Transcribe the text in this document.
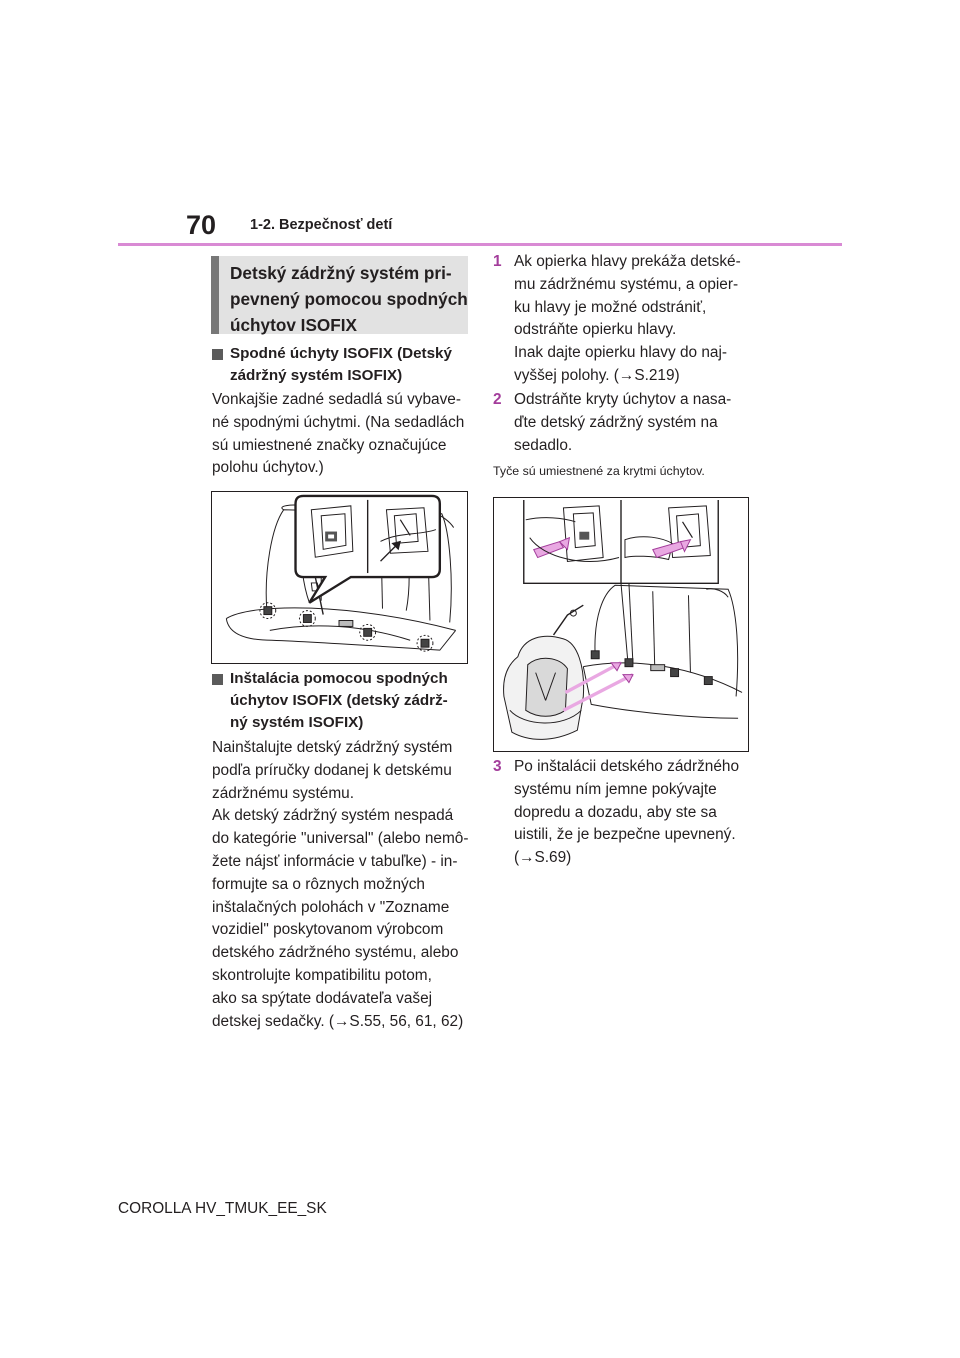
70 1-2. Bezpečnosť detí
Detský zádržný systém pri-
pevnený pomocou spodných
úchytov ISOFIX
Spodné úchyty ISOFIX (Detský
zádržný systém ISOFIX)
Vonkajšie zadné sedadlá sú vybave-
né spodnými úchytmi. (Na sedadlách
sú umiestnené značky označujúce
polohu úchytov.)
Inštalácia pomocou spodných
úchytov ISOFIX (detský zádrž-
ný systém ISOFIX)
Nainštalujte detský zádržný systém
podľa príručky dodanej k detskému
zádržnému systému.
Ak detský zádržný systém nespadá
do kategórie "universal" (alebo nemô-
žete nájsť informácie v tabuľke) - in-
formujte sa o rôznych možných
inštalačných polohách v "Zozname
vozidiel" poskytovanom výrobcom
detského zádržného systému, alebo
skontrolujte kompatibilitu potom,
ako sa spýtate dodávateľa vašej
detskej sedačky. (→S.55, 56, 61, 62)
1 Ak opierka hlavy prekáža detské-
mu zádržnému systému, a opier-
ku hlavy je možné odstrániť,
odstráňte opierku hlavy.
Inak dajte opierku hlavy do naj-
vyššej polohy. (→S.219)
2 Odstráňte kryty úchytov a nasa-
ďte detský zádržný systém na
sedadlo.
Tyče sú umiestnené za krytmi úchytov.
3 Po inštalácii detského zádržného
systému ním jemne pokývajte
dopredu a dozadu, aby ste sa
uistili, že je bezpečne upevnený.
(→S.69)
COROLLA HV_TMUK_EE_SK
